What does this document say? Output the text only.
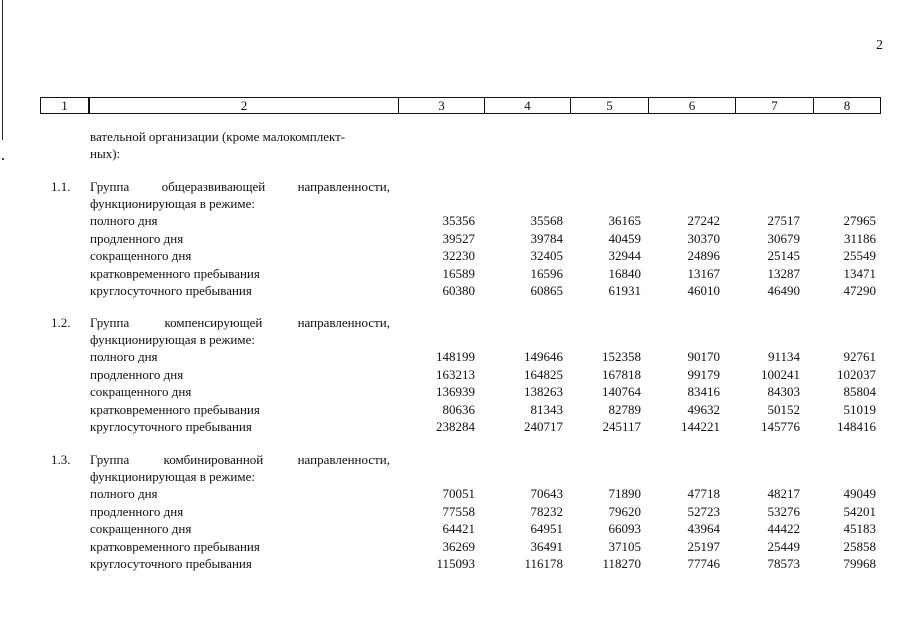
2
1	2	3	4	5	6	7	8
вательной организации (кроме малокомплект-
ных):
1.1. Группа общеразвивающей направленности,
функционирующая в режиме:
полного дня	35356	35568	36165	27242	27517	27965
продленного дня	39527	39784	40459	30370	30679	31186
сокращенного дня	32230	32405	32944	24896	25145	25549
кратковременного пребывания	16589	16596	16840	13167	13287	13471
круглосуточного пребывания	60380	60865	61931	46010	46490	47290
1.2. Группа компенсирующей направленности,
функционирующая в режиме:
полного дня	148199	149646	152358	90170	91134	92761
продленного дня	163213	164825	167818	99179	100241	102037
сокращенного дня	136939	138263	140764	83416	84303	85804
кратковременного пребывания	80636	81343	82789	49632	50152	51019
круглосуточного пребывания	238284	240717	245117	144221	145776	148416
1.3. Группа комбинированной направленности,
функционирующая в режиме:
полного дня	70051	70643	71890	47718	48217	49049
продленного дня	77558	78232	79620	52723	53276	54201
сокращенного дня	64421	64951	66093	43964	44422	45183
кратковременного пребывания	36269	36491	37105	25197	25449	25858
круглосуточного пребывания	115093	116178	118270	77746	78573	79968
